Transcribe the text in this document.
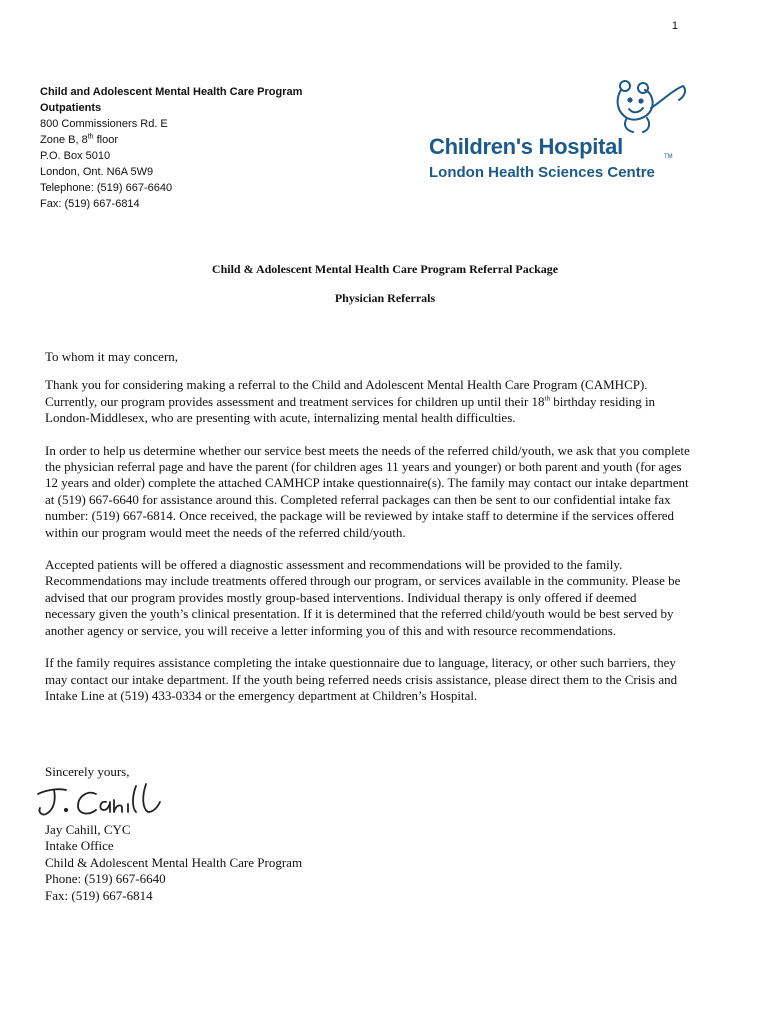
1
Child and Adolescent Mental Health Care Program
Outpatients
800 Commissioners Rd. E
Zone B, 8th floor
P.O. Box 5010
London, Ont. N6A 5W9
Telephone: (519) 667-6640
Fax: (519) 667-6814
Children's Hospital	TM
London Health Sciences Centre
Child & Adolescent Mental Health Care Program Referral Package
Physician Referrals

To whom it may concern,

Thank you for considering making a referral to the Child and Adolescent Mental Health Care Program (CAMHCP). Currently, our program provides assessment and treatment services for children up until their 18th birthday residing in London-Middlesex, who are presenting with acute, internalizing mental health difficulties.

In order to help us determine whether our service best meets the needs of the referred child/youth, we ask that you complete the physician referral page and have the parent (for children ages 11 years and younger) or both parent and youth (for ages 12 years and older) complete the attached CAMHCP intake questionnaire(s). The family may contact our intake department at (519) 667-6640 for assistance around this. Completed referral packages can then be sent to our confidential intake fax number: (519) 667-6814. Once received, the package will be reviewed by intake staff to determine if the services offered within our program would meet the needs of the referred child/youth.

Accepted patients will be offered a diagnostic assessment and recommendations will be provided to the family. Recommendations may include treatments offered through our program, or services available in the community. Please be advised that our program provides mostly group-based interventions. Individual therapy is only offered if deemed necessary given the youth’s clinical presentation. If it is determined that the referred child/youth would be best served by another agency or service, you will receive a letter informing you of this and with resource recommendations.

If the family requires assistance completing the intake questionnaire due to language, literacy, or other such barriers, they may contact our intake department. If the youth being referred needs crisis assistance, please direct them to the Crisis and Intake Line at (519) 433-0334 or the emergency department at Children’s Hospital.

Sincerely yours,
Jay Cahill, CYC
Intake Office
Child & Adolescent Mental Health Care Program
Phone: (519) 667-6640
Fax: (519) 667-6814
